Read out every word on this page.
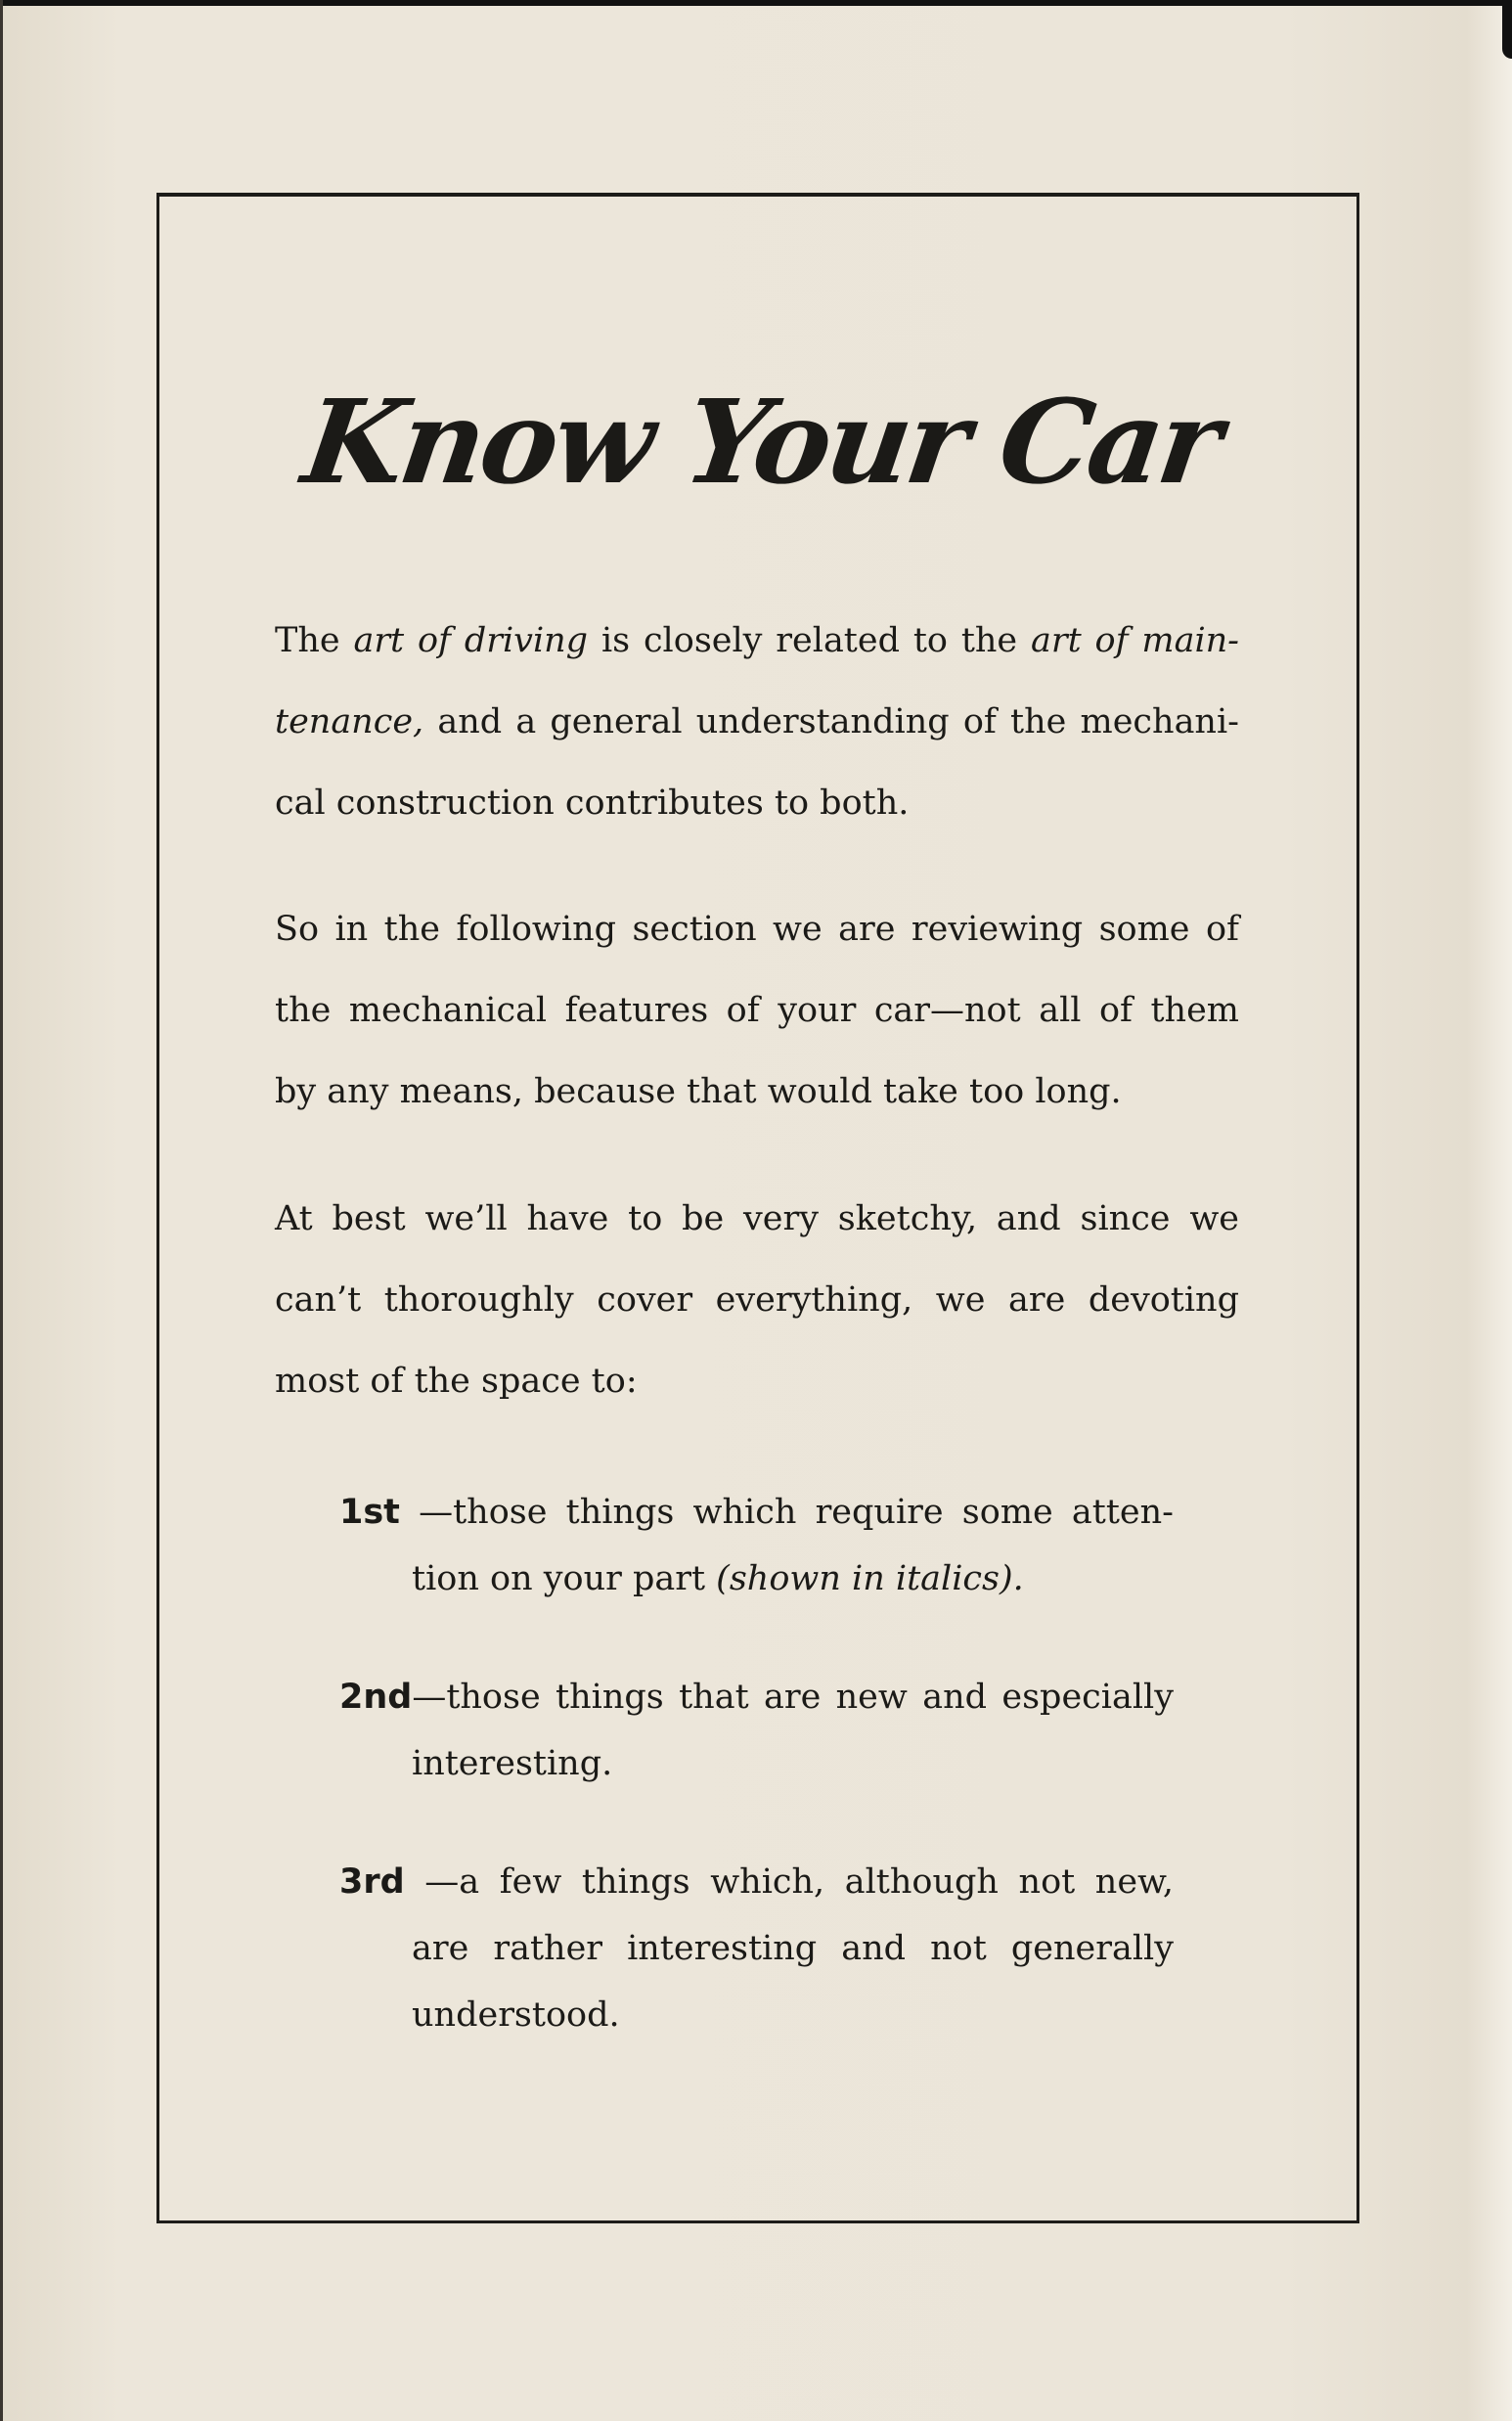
Know Your Car
The art of driving is closely related to the art of main-
tenance, and a general understanding of the mechani-
cal construction contributes to both.
So in the following section we are reviewing some of
the mechanical features of your car—not all of them
by any means, because that would take too long.
At best we’ll have to be very sketchy, and since we
can’t thoroughly cover everything, we are devoting
most of the space to:
1st —those things which require some atten-
tion on your part (shown in italics).
2nd—those things that are new and especially
interesting.
3rd —a few things which, although not new,
are rather interesting and not generally
understood.
